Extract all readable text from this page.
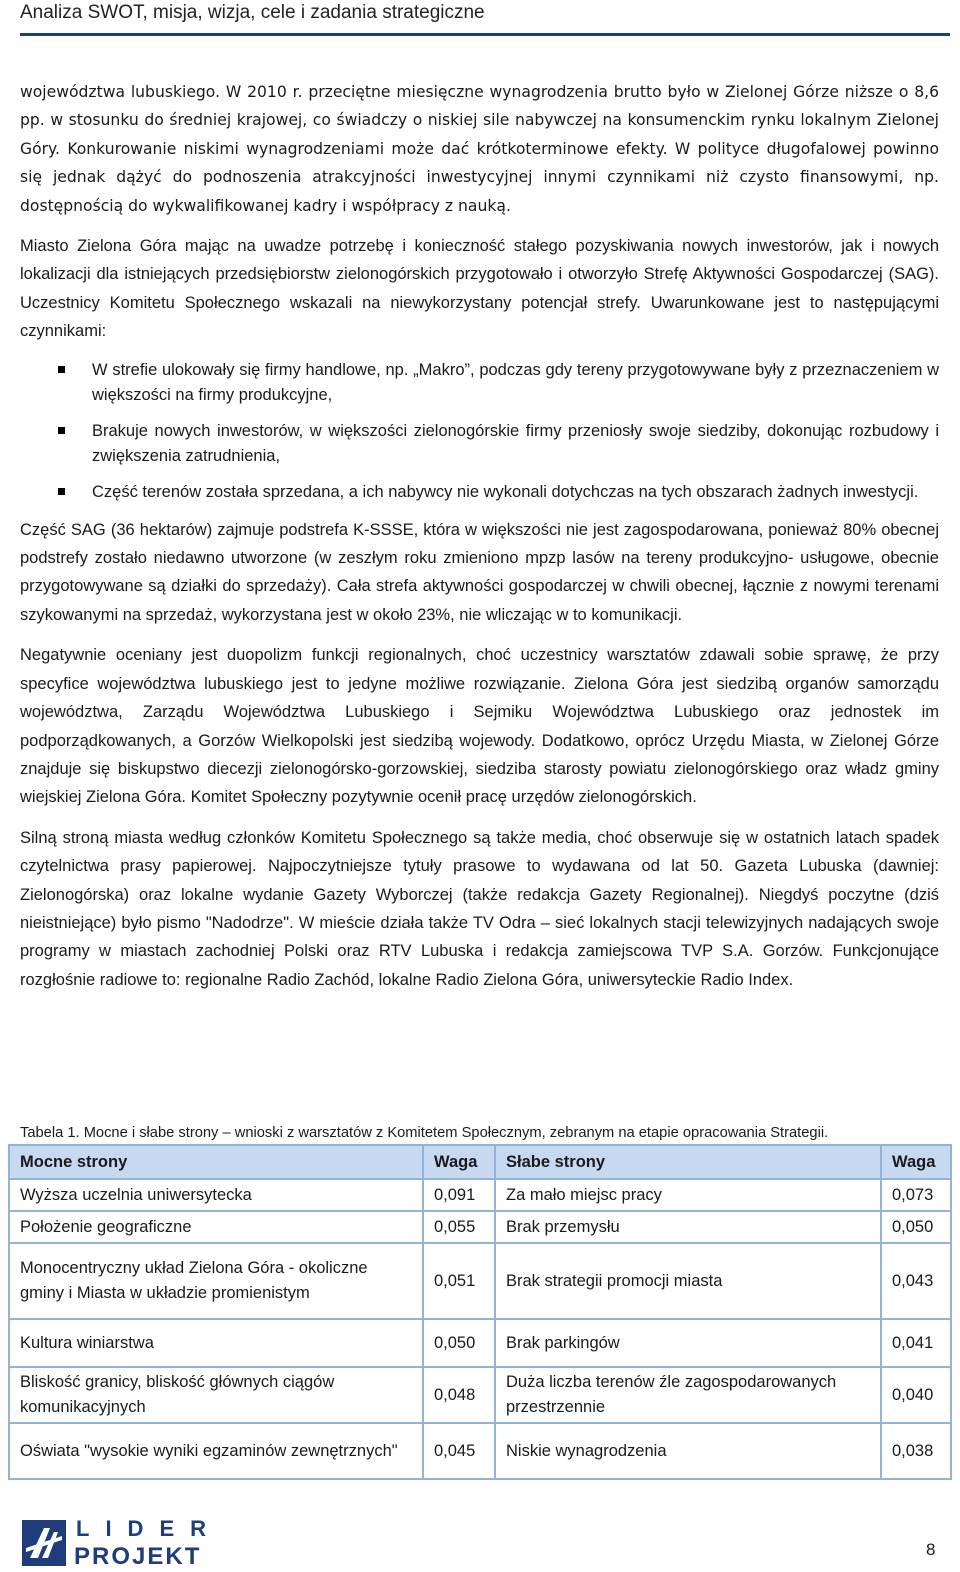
Analiza SWOT, misja, wizja, cele i zadania strategiczne

województwa lubuskiego. W 2010 r. przeciętne miesięczne wynagrodzenia brutto było w Zielonej Górze niższe o 8,6 pp. w stosunku do średniej krajowej, co świadczy o niskiej sile nabywczej na konsumenckim rynku lokalnym Zielonej Góry. Konkurowanie niskimi wynagrodzeniami może dać krótkoterminowe efekty. W polityce długofalowej powinno się jednak dążyć do podnoszenia atrakcyjności inwestycyjnej innymi czynnikami niż czysto finansowymi, np. dostępnością do wykwalifikowanej kadry i współpracy z nauką.

Miasto Zielona Góra mając na uwadze potrzebę i konieczność stałego pozyskiwania nowych inwestorów, jak i nowych lokalizacji dla istniejących przedsiębiorstw zielonogórskich przygotowało i otworzyło Strefę Aktywności Gospodarczej (SAG). Uczestnicy Komitetu Społecznego wskazali na niewykorzystany potencjał strefy. Uwarunkowane jest to następującymi czynnikami:

W strefie ulokowały się firmy handlowe, np. „Makro”, podczas gdy tereny przygotowywane były z przeznaczeniem w większości na firmy produkcyjne,
Brakuje nowych inwestorów, w większości zielonogórskie firmy przeniosły swoje siedziby, dokonując rozbudowy i zwiększenia zatrudnienia,
Część terenów została sprzedana, a ich nabywcy nie wykonali dotychczas na tych obszarach żadnych inwestycji.

Część SAG (36 hektarów) zajmuje podstrefa K-SSSE, która w większości nie jest zagospodarowana, ponieważ 80% obecnej podstrefy zostało niedawno utworzone (w zeszłym roku zmieniono mpzp lasów na tereny produkcyjno- usługowe, obecnie przygotowywane są działki do sprzedaży). Cała strefa aktywności gospodarczej w chwili obecnej, łącznie z nowymi terenami szykowanymi na sprzedaż, wykorzystana jest w około 23%, nie wliczając w to komunikacji.

Negatywnie oceniany jest duopolizm funkcji regionalnych, choć uczestnicy warsztatów zdawali sobie sprawę, że przy specyfice województwa lubuskiego jest to jedyne możliwe rozwiązanie. Zielona Góra jest siedzibą organów samorządu województwa, Zarządu Województwa Lubuskiego i Sejmiku Województwa Lubuskiego oraz jednostek im podporządkowanych, a Gorzów Wielkopolski jest siedzibą wojewody. Dodatkowo, oprócz Urzędu Miasta, w Zielonej Górze znajduje się biskupstwo diecezji zielonogórsko-gorzowskiej, siedziba starosty powiatu zielonogórskiego oraz władz gminy wiejskiej Zielona Góra. Komitet Społeczny pozytywnie ocenił pracę urzędów zielonogórskich.

Silną stroną miasta według członków Komitetu Społecznego są także media, choć obserwuje się w ostatnich latach spadek czytelnictwa prasy papierowej. Najpoczytniejsze tytuły prasowe to wydawana od lat 50. Gazeta Lubuska (dawniej: Zielonogórska) oraz lokalne wydanie Gazety Wyborczej (także redakcja Gazety Regionalnej). Niegdyś poczytne (dziś nieistniejące) było pismo "Nadodrze". W mieście działa także TV Odra – sieć lokalnych stacji telewizyjnych nadających swoje programy w miastach zachodniej Polski oraz RTV Lubuska i redakcja zamiejscowa TVP S.A. Gorzów. Funkcjonujące rozgłośnie radiowe to: regionalne Radio Zachód, lokalne Radio Zielona Góra, uniwersyteckie Radio Index.

Tabela 1. Mocne i słabe strony – wnioski z warsztatów z Komitetem Społecznym, zebranym na etapie opracowania Strategii.
Mocne strony	Waga	Słabe strony	Waga
Wyższa uczelnia uniwersytecka	0,091	Za mało miejsc pracy	0,073
Położenie geograficzne	0,055	Brak przemysłu	0,050
Monocentryczny układ Zielona Góra - okoliczne gminy i Miasta w układzie promienistym	0,051	Brak strategii promocji miasta	0,043
Kultura winiarstwa	0,050	Brak parkingów	0,041
Bliskość granicy, bliskość głównych ciągów komunikacyjnych	0,048	Duża liczba terenów źle zagospodarowanych przestrzennie	0,040
Oświata "wysokie wyniki egzaminów zewnętrznych"	0,045	Niskie wynagrodzenia	0,038
LIDER
PROJEKT	8
